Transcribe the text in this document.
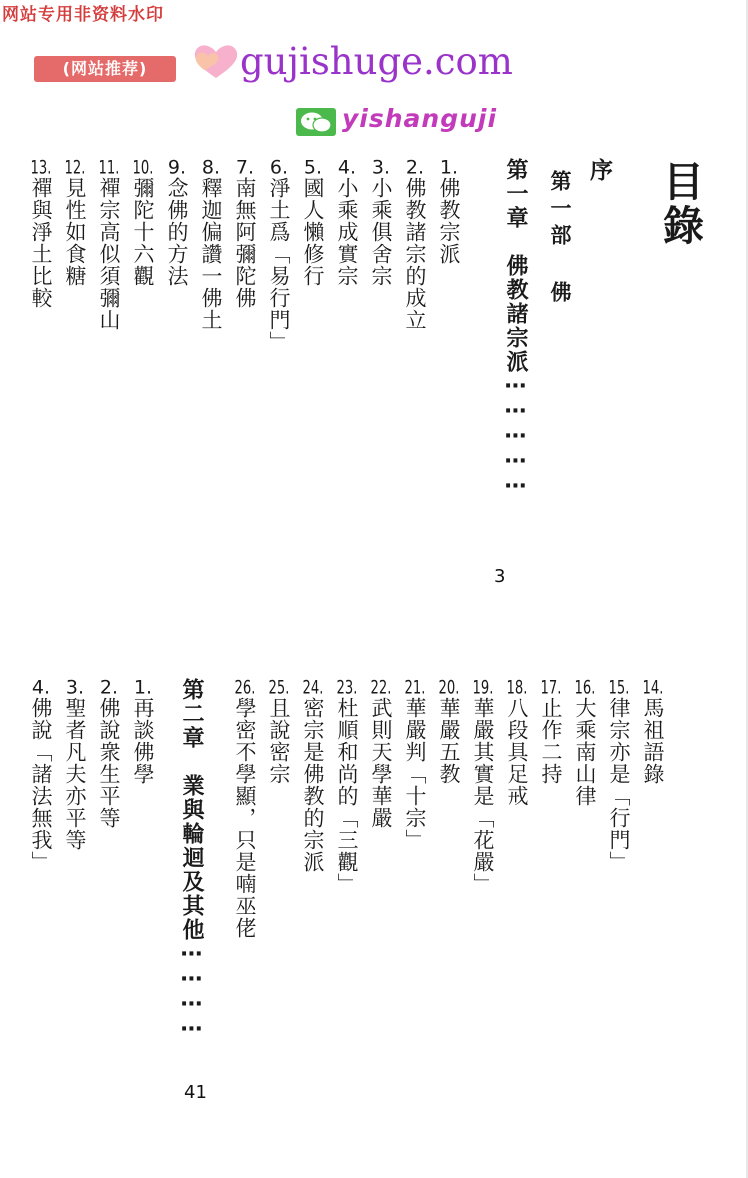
网站专用非资料水印
(网站推荐)	gujishuge.com
yishanguji
目錄
序
第一部佛
第一章佛教諸宗派⋯⋯⋯⋯⋯
3
1.佛教宗派
2.佛教諸宗的成立
3.小乘俱舍宗
4.小乘成實宗
5.國人懶修行
6.淨土爲「易行門」
7.南無阿彌陀佛
8.釋迦偏讚一佛土
9.念佛的方法
10.彌陀十六觀
11.禪宗高似須彌山
12.見性如食糖
13.禪與淨土比較
14.馬祖語錄
15.律宗亦是「行門」
16.大乘南山律
17.止作二持
18.八段具足戒
19.華嚴其實是「花嚴」
20.華嚴五教
21.華嚴判「十宗」
22.武則天學華嚴
23.杜順和尚的「三觀」
24.密宗是佛教的宗派
25.且說密宗
26.學密不學顯，只是喃巫佬
第二章業與輪迴及其他⋯⋯⋯⋯
41
1.再談佛學
2.佛說衆生平等
3.聖者凡夫亦平等
4.佛說「諸法無我」
